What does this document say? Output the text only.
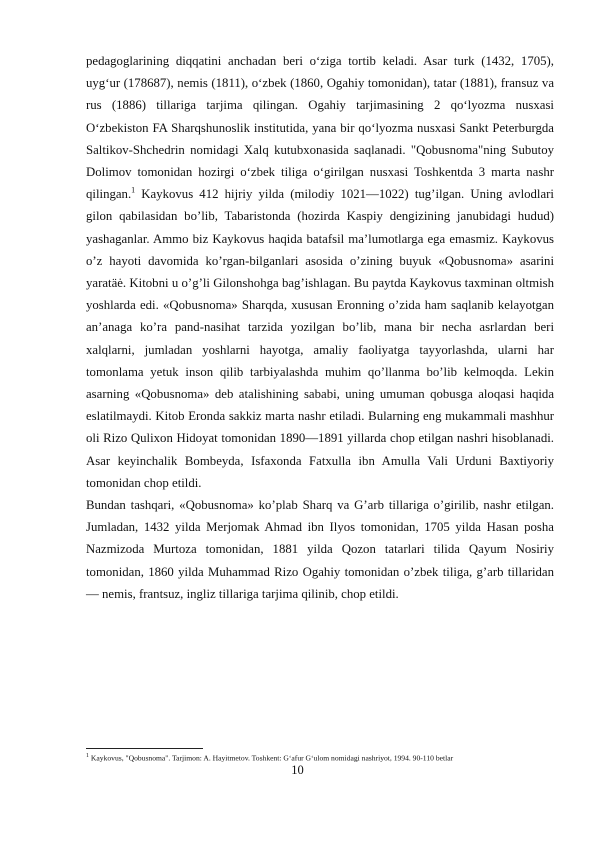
pedagoglarining diqqatini anchadan beri oʻziga tortib keladi. Asar turk (1432, 1705), uygʻur (178687), nemis (1811), oʻzbek (1860, Ogahiy tomonidan), tatar (1881), fransuz va rus (1886) tillariga tarjima qilingan. Ogahiy tarjimasining 2 qoʻlyozma nusxasi Oʻzbekiston FA Sharqshunoslik institutida, yana bir qoʻlyozma nusxasi Sankt Peterburgda Saltikov-Shchedrin nomidagi Xalq kutubxonasida saqlanadi. "Qobusnoma"ning Subutoy Dolimov tomonidan hozirgi oʻzbek tiliga oʻgirilgan nusxasi Toshkentda 3 marta nashr qilingan.$^1$ Kaykovus 412 hijriy yilda (milodiy 1021—1022) tug’ilgan. Uning avlodlari gilon qabilasidan bo’lib, Tabaristonda (hozirda Kaspiy dengizining janubidagi hudud) yashaganlar. Ammo biz Kaykovus haqida batafsil ma’lumotlarga ega emasmiz. Kaykovus o’z hayoti davomida ko’rgan-bilganlari asosida o’zining buyuk «Qobusnoma» asarini yaratäė. Kitobni u o’g’li Gilonshohga bag’ishlagan. Bu paytda Kaykovus taxminan oltmish yoshlarda edi. «Qobusnoma» Sharqda, xususan Eronning o’zida ham saqlanib kelayotgan an’anaga ko’ra pand-nasihat tarzida yozilgan bo’lib, mana bir necha asrlardan beri xalqlarni, jumladan yoshlarni hayotga, amaliy faoliyatga tayyorlashda, ularni har tomonlama yetuk inson qilib tarbiyalashda muhim qo’llanma bo’lib kelmoqda. Lekin asarning «Qobusnoma» deb atalishining sababi, uning umuman qobusga aloqasi haqida eslatilmaydi. Kitob Eronda sakkiz marta nashr etiladi. Bularning eng mukammali mashhur oli Rizo Qulixon Hidoyat tomonidan 1890—1891 yillarda chop etilgan nashri hisoblanadi. Asar keyinchalik Bombeyda, Isfaxonda Fatxulla ibn Amulla Vali Urduni Baxtiyoriy tomonidan chop etildi.

Bundan tashqari, «Qobusnoma» ko’plab Sharq va G’arb tillariga o’girilib, nashr etilgan. Jumladan, 1432 yilda Merjomak Ahmad ibn Ilyos tomonidan, 1705 yilda Hasan posha Nazmizoda Murtoza tomonidan, 1881 yilda Qozon tatarlari tilida Qayum Nosiriy tomonidan, 1860 yilda Muhammad Rizo Ogahiy tomonidan o’zbek tiliga, g’arb tillaridan — nemis, frantsuz, ingliz tillariga tarjima qilinib, chop etildi.

$^1$ Kaykovus, "Qobusnoma". Tarjimon: A. Hayitmetov. Toshkent: Gʻafur Gʻulom nomidagi nashriyot, 1994. 90-110 betlar

10
